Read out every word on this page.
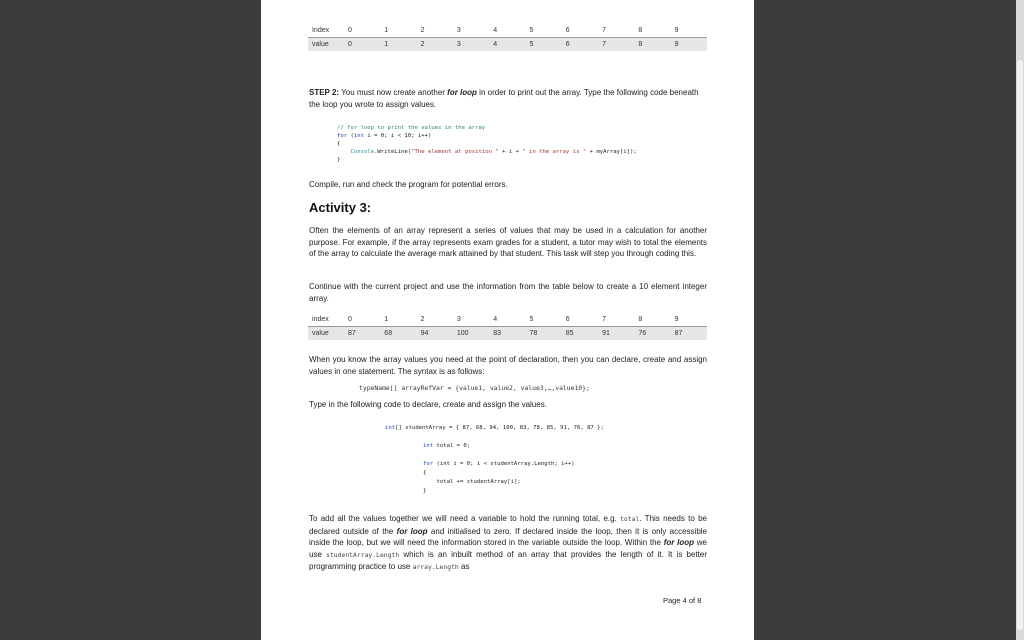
Index	0	1	2	3	4	5	6	7	8	9
value	0	1	2	3	4	5	6	7	8	9
STEP 2: You must now create another for loop in order to print out the array. Type the following code beneath the loop you wrote to assign values.
// for loop to print the values in the array
for (int i = 0; i < 10; i++)
{
Console.WriteLine("The element at position " + i + " in the array is " + myArray[i]);
}
Compile, run and check the program for potential errors.
Activity 3:
Often the elements of an array represent a series of values that may be used in a calculation for another purpose. For example, if the array represents exam grades for a student, a tutor may wish to total the elements of the array to calculate the average mark attained by that student. This task will step you through coding this.
Continue with the current project and use the information from the table below to create a 10 element integer array.
index	0	1	2	3	4	5	6	7	8	9
value	87	68	94	100	83	78	85	91	76	87
When you know the array values you need at the point of declaration, then you can declare, create and assign values in one statement. The syntax is as follows:
typeName[] arrayRefVar = {value1, value2, value3,…,value10};
Type in the following code to declare, create and assign the values.
int[] studentArray = { 87, 68, 94, 100, 83, 78, 85, 91, 76, 87 };
int total = 0;

for (int i = 0; i < studentArray.Length; i++)
{
total += studentArray[i];
}
To add all the values together we will need a variable to hold the running total, e.g. total. This needs to be declared outside of the for loop and initialised to zero. If declared inside the loop, then it is only accessible inside the loop, but we will need the information stored in the variable outside the loop. Within the for loop we use studentArray.Length which is an inbuilt method of an array that provides the length of it. It is better programming practice to use array.Length as
Page 4 of 8
